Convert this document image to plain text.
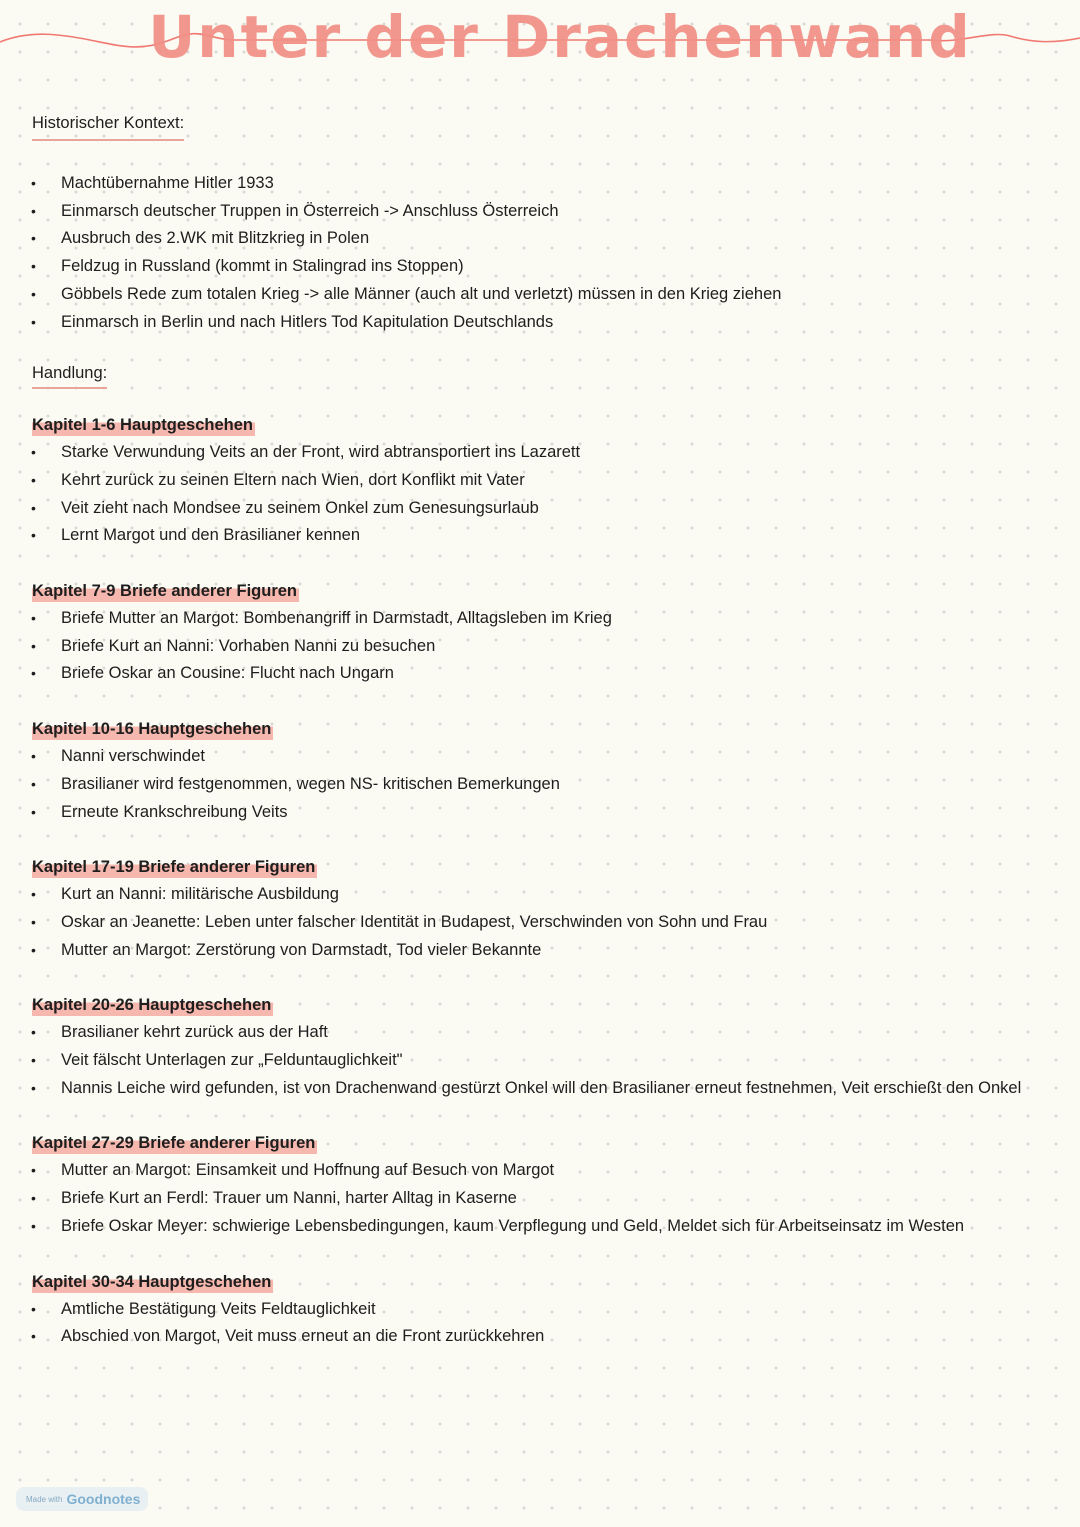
Unter der Drachenwand
Historischer Kontext:
• Machtübernahme Hitler 1933
• Einmarsch deutscher Truppen in Österreich -> Anschluss Österreich
• Ausbruch des 2.WK mit Blitzkrieg in Polen
• Feldzug in Russland (kommt in Stalingrad ins Stoppen)
• Göbbels Rede zum totalen Krieg -> alle Männer (auch alt und verletzt) müssen in den Krieg ziehen
• Einmarsch in Berlin und nach Hitlers Tod Kapitulation Deutschlands
Handlung:
Kapitel 1-6 Hauptgeschehen
• Starke Verwundung Veits an der Front, wird abtransportiert ins Lazarett
• Kehrt zurück zu seinen Eltern nach Wien, dort Konflikt mit Vater
• Veit zieht nach Mondsee zu seinem Onkel zum Genesungsurlaub
• Lernt Margot und den Brasilianer kennen
Kapitel 7-9 Briefe anderer Figuren
• Briefe Mutter an Margot: Bombenangriff in Darmstadt, Alltagsleben im Krieg
• Briefe Kurt an Nanni: Vorhaben Nanni zu besuchen
• Briefe Oskar an Cousine: Flucht nach Ungarn
Kapitel 10-16 Hauptgeschehen
• Nanni verschwindet
• Brasilianer wird festgenommen, wegen NS- kritischen Bemerkungen
• Erneute Krankschreibung Veits
Kapitel 17-19 Briefe anderer Figuren
• Kurt an Nanni: militärische Ausbildung
• Oskar an Jeanette: Leben unter falscher Identität in Budapest, Verschwinden von Sohn und Frau
• Mutter an Margot: Zerstörung von Darmstadt, Tod vieler Bekannte
Kapitel 20-26 Hauptgeschehen
• Brasilianer kehrt zurück aus der Haft
• Veit fälscht Unterlagen zur „Felduntauglichkeit"
• Nannis Leiche wird gefunden, ist von Drachenwand gestürzt Onkel will den Brasilianer erneut festnehmen, Veit erschießt den Onkel
Kapitel 27-29 Briefe anderer Figuren
• Mutter an Margot: Einsamkeit und Hoffnung auf Besuch von Margot
• Briefe Kurt an Ferdl: Trauer um Nanni, harter Alltag in Kaserne
• Briefe Oskar Meyer: schwierige Lebensbedingungen, kaum Verpflegung und Geld, Meldet sich für Arbeitseinsatz im Westen
Kapitel 30-34 Hauptgeschehen
• Amtliche Bestätigung Veits Feldtauglichkeit
• Abschied von Margot, Veit muss erneut an die Front zurückkehren
Made with Goodnotes
